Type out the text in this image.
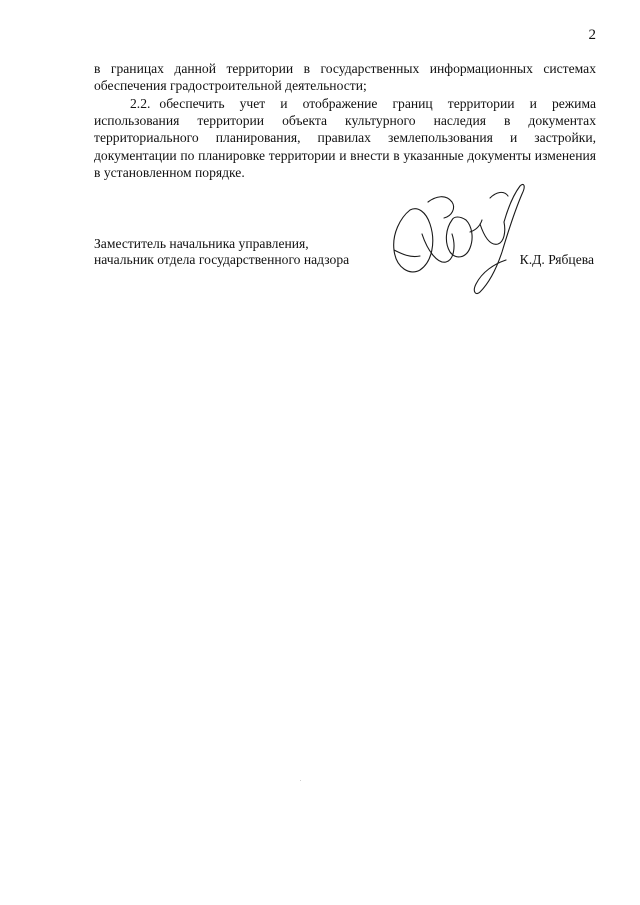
2
в границах данной территории в государственных информационных системах обеспечения градостроительной деятельности;
2.2. обеспечить учет и отображение границ территории и режима использования территории объекта культурного наследия в документах территориального планирования, правилах землепользования и застройки, документации по планировке территории и внести в указанные документы изменения в установленном порядке.
Заместитель начальника управления,
начальник отдела государственного надзора	К.Д. Рябцева
